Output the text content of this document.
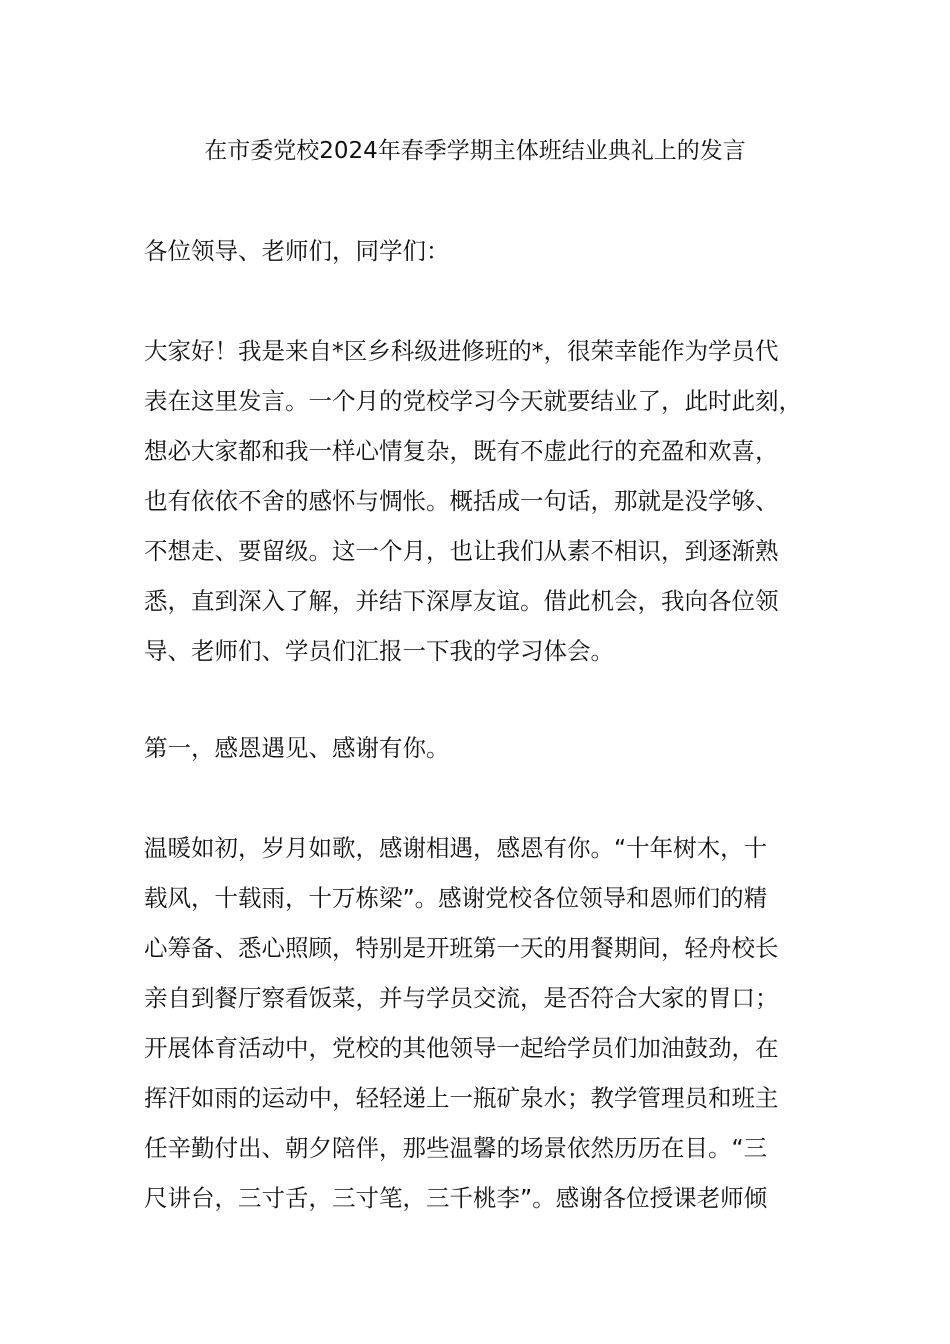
在市委党校2024年春季学期主体班结业典礼上的发言
各位领导、老师们，同学们：
大家好！我是来自*区乡科级进修班的*，很荣幸能作为学员代
表在这里发言。一个月的党校学习今天就要结业了，此时此刻，
想必大家都和我一样心情复杂，既有不虚此行的充盈和欢喜，
也有依依不舍的感怀与惆怅。概括成一句话，那就是没学够、
不想走、要留级。这一个月，也让我们从素不相识，到逐渐熟
悉，直到深入了解，并结下深厚友谊。借此机会，我向各位领
导、老师们、学员们汇报一下我的学习体会。
第一，感恩遇见、感谢有你。
温暖如初，岁月如歌，感谢相遇，感恩有你。“十年树木，十
载风，十载雨，十万栋梁”。感谢党校各位领导和恩师们的精
心筹备、悉心照顾，特别是开班第一天的用餐期间，轻舟校长
亲自到餐厅察看饭菜，并与学员交流，是否符合大家的胃口；
开展体育活动中，党校的其他领导一起给学员们加油鼓劲，在
挥汗如雨的运动中，轻轻递上一瓶矿泉水；教学管理员和班主
任辛勤付出、朝夕陪伴，那些温馨的场景依然历历在目。“三
尺讲台，三寸舌，三寸笔，三千桃李”。感谢各位授课老师倾
